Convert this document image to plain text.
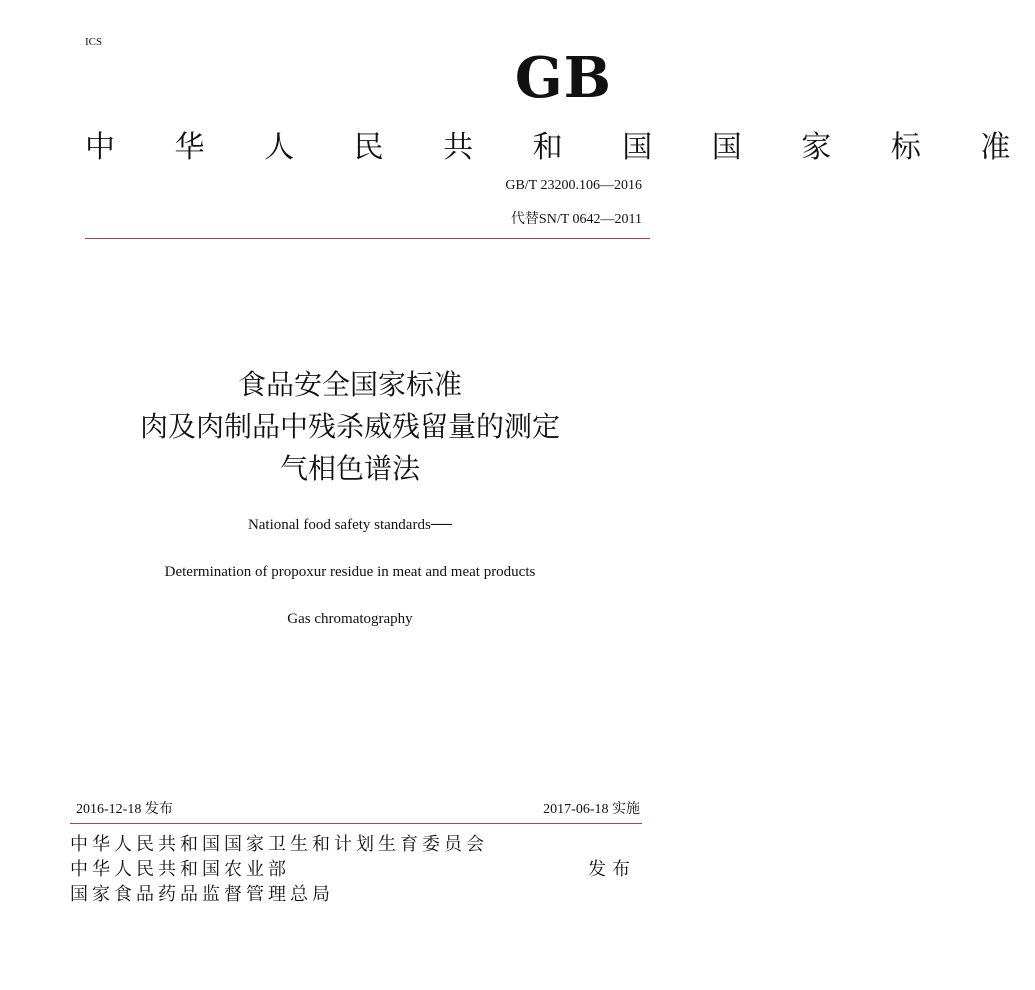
ICS
GB
中 华 人 民 共 和 国 国 家 标 准
GB/T 23200.106—2016
代替SN/T 0642—2011
食品安全国家标准
肉及肉制品中残杀威残留量的测定
气相色谱法
National food safety standards──
Determination of propoxur residue in meat and meat products
Gas chromatography
2016-12-18 发布	2017-06-18 实施
中华人民共和国国家卫生和计划生育委员会
中华人民共和国农业部
国家食品药品监督管理总局
发布
